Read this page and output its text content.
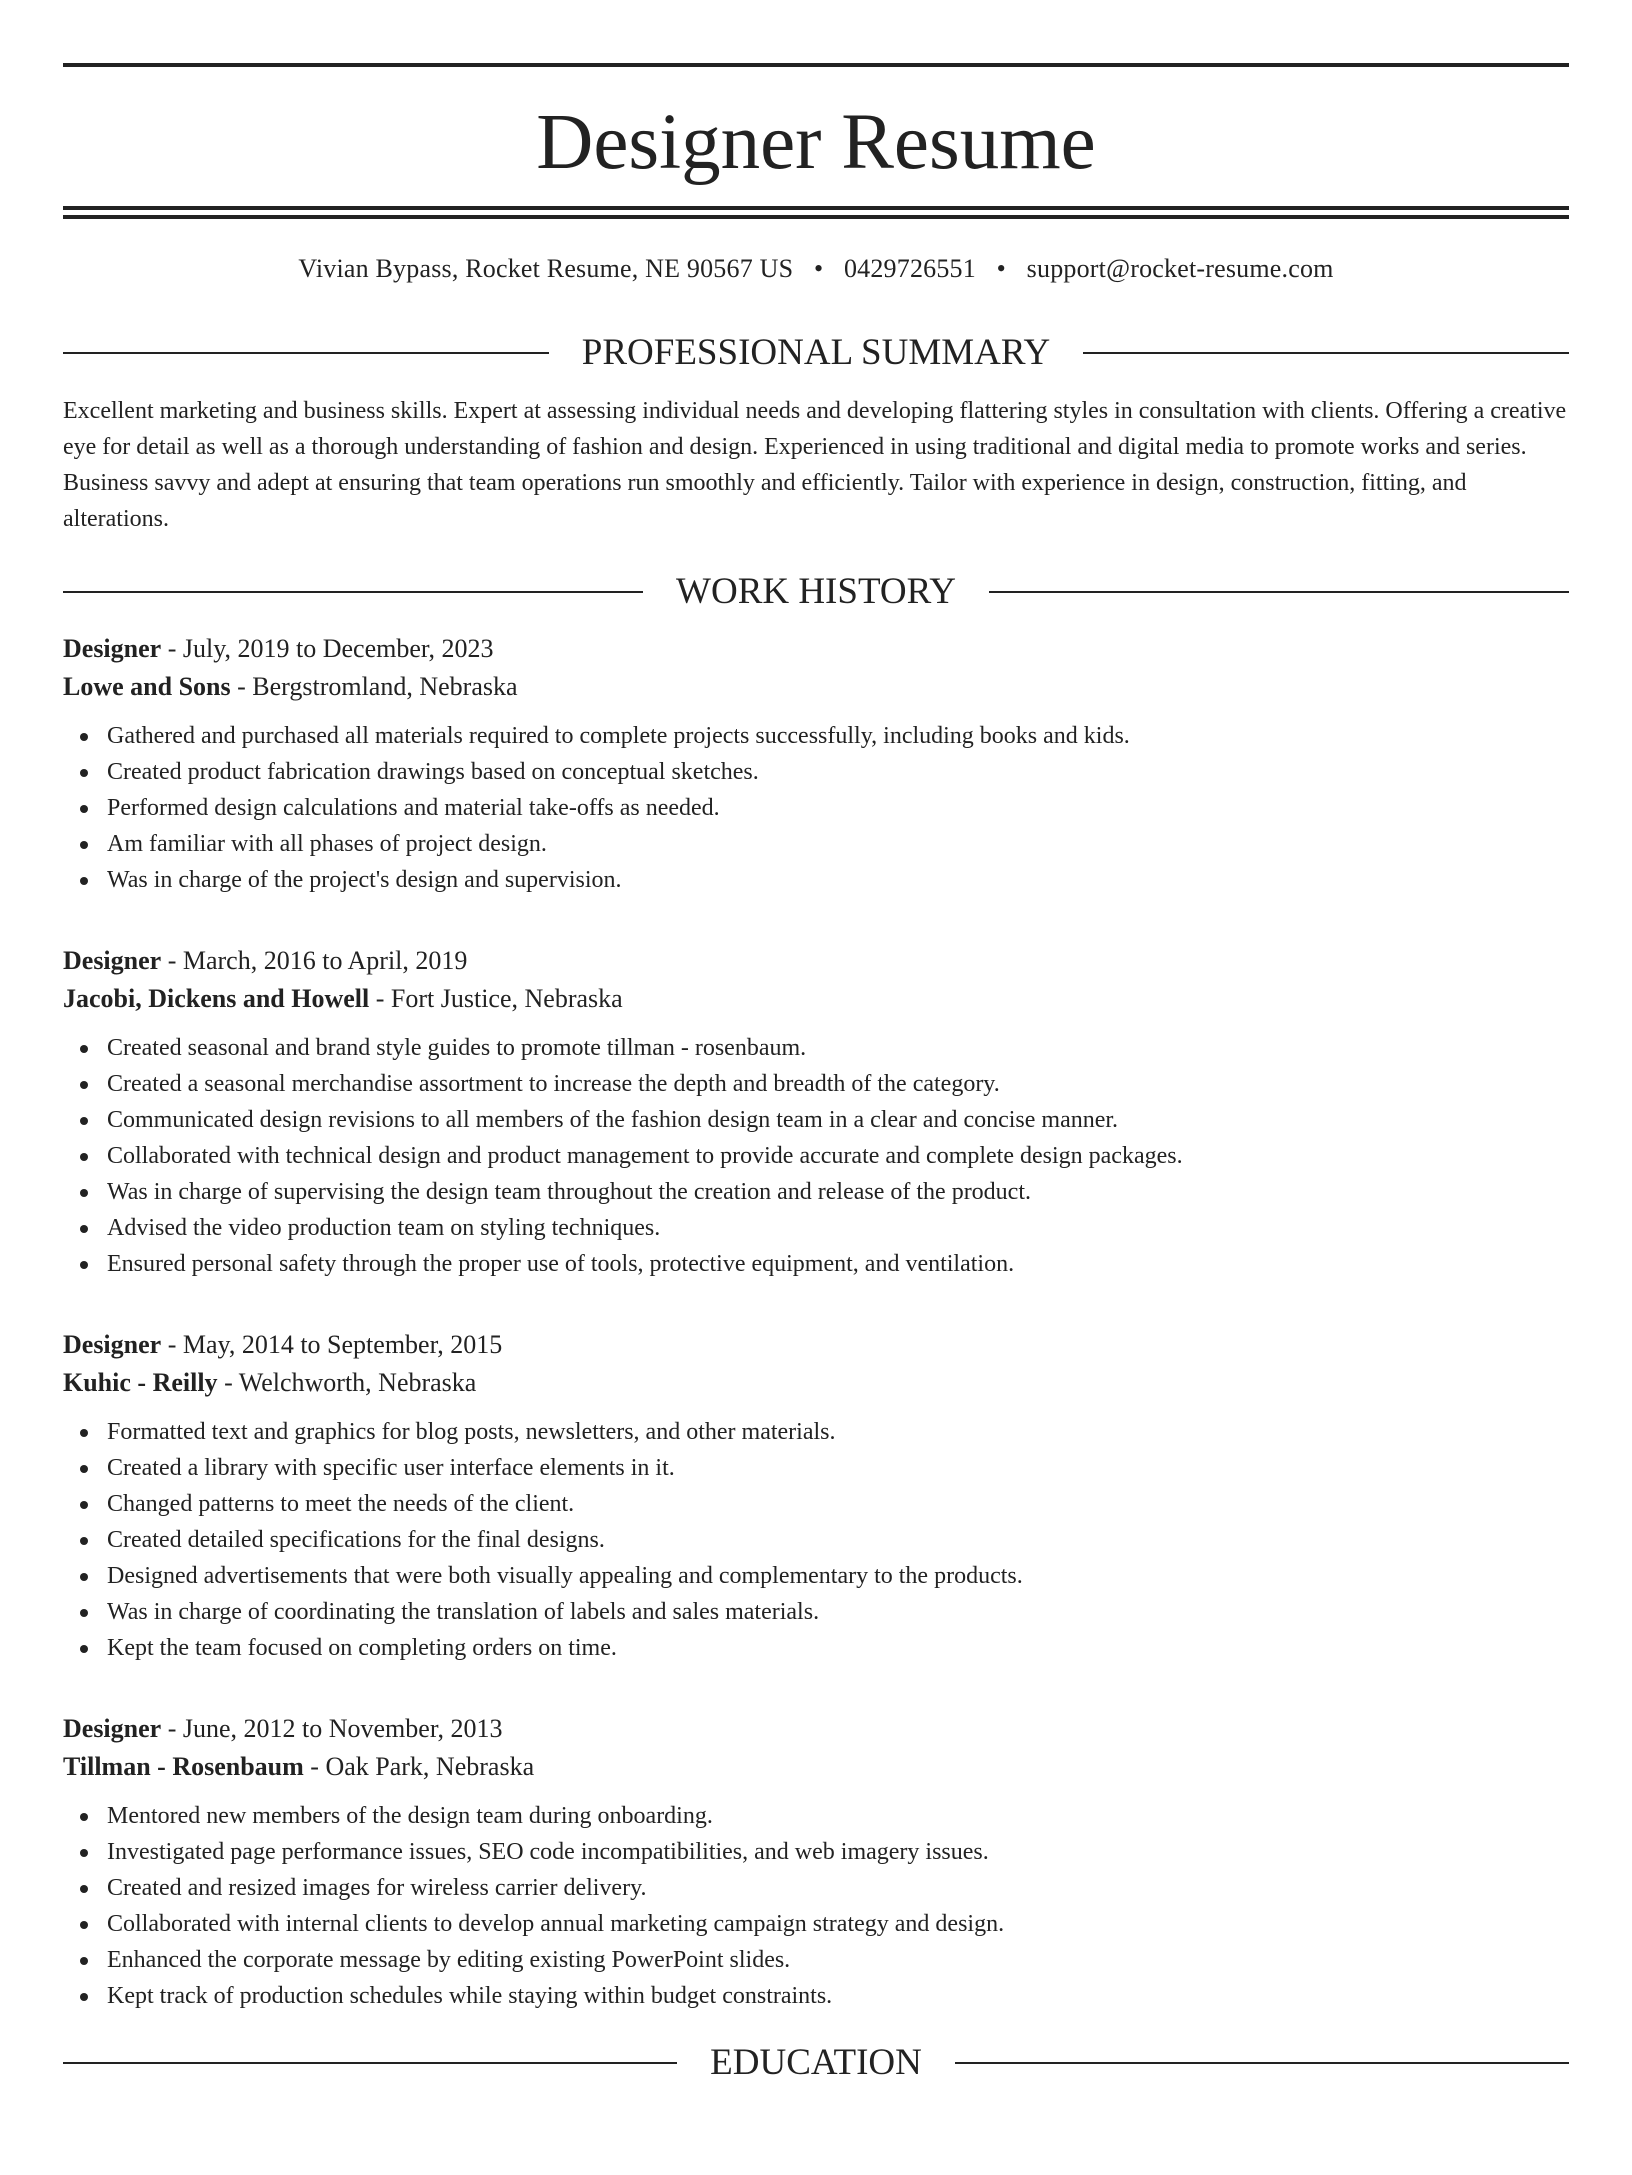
Designer Resume
Vivian Bypass, Rocket Resume, NE 90567 US • 0429726551 • support@rocket-resume.com
PROFESSIONAL SUMMARY

Excellent marketing and business skills. Expert at assessing individual needs and developing flattering styles in consultation with clients. Offering a creative eye for detail as well as a thorough understanding of fashion and design. Experienced in using traditional and digital media to promote works and series. Business savvy and adept at ensuring that team operations run smoothly and efficiently. Tailor with experience in design, construction, fitting, and alterations.

WORK HISTORY
Designer - July, 2019 to December, 2023
Lowe and Sons - Bergstromland, Nebraska
Gathered and purchased all materials required to complete projects successfully, including books and kids.
Created product fabrication drawings based on conceptual sketches.
Performed design calculations and material take-offs as needed.
Am familiar with all phases of project design.
Was in charge of the project's design and supervision.
Designer - March, 2016 to April, 2019
Jacobi, Dickens and Howell - Fort Justice, Nebraska
Created seasonal and brand style guides to promote tillman - rosenbaum.
Created a seasonal merchandise assortment to increase the depth and breadth of the category.
Communicated design revisions to all members of the fashion design team in a clear and concise manner.
Collaborated with technical design and product management to provide accurate and complete design packages.
Was in charge of supervising the design team throughout the creation and release of the product.
Advised the video production team on styling techniques.
Ensured personal safety through the proper use of tools, protective equipment, and ventilation.
Designer - May, 2014 to September, 2015
Kuhic - Reilly - Welchworth, Nebraska
Formatted text and graphics for blog posts, newsletters, and other materials.
Created a library with specific user interface elements in it.
Changed patterns to meet the needs of the client.
Created detailed specifications for the final designs.
Designed advertisements that were both visually appealing and complementary to the products.
Was in charge of coordinating the translation of labels and sales materials.
Kept the team focused on completing orders on time.
Designer - June, 2012 to November, 2013
Tillman - Rosenbaum - Oak Park, Nebraska
Mentored new members of the design team during onboarding.
Investigated page performance issues, SEO code incompatibilities, and web imagery issues.
Created and resized images for wireless carrier delivery.
Collaborated with internal clients to develop annual marketing campaign strategy and design.
Enhanced the corporate message by editing existing PowerPoint slides.
Kept track of production schedules while staying within budget constraints.
EDUCATION
